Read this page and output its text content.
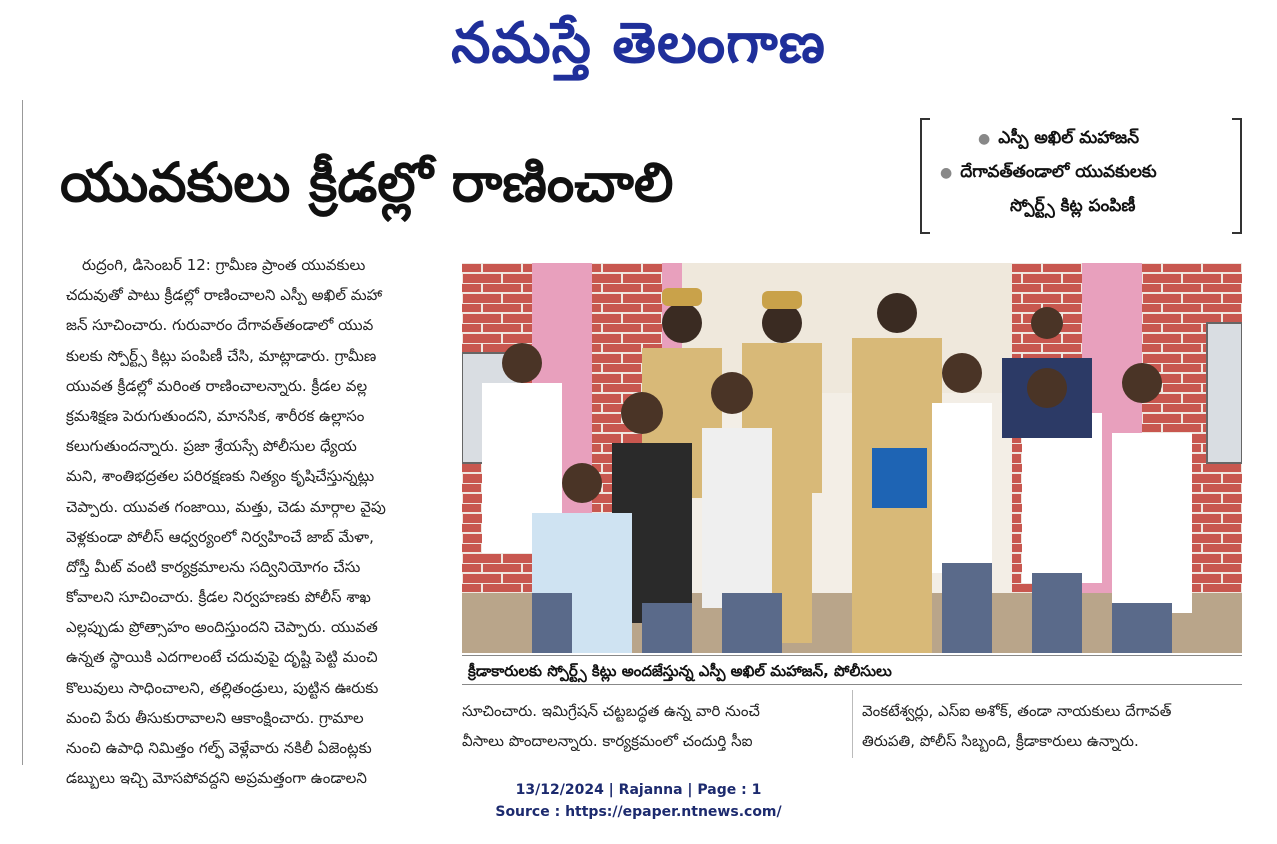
నమస్తే తెలంగాణ
యువకులు క్రీడల్లో రాణించాలి
● ఎస్పీ అఖిల్ మహాజన్
● దేగావత్‌తండాలో యువకులకు
స్పోర్ట్స్ కిట్ల పంపిణీ
రుద్రంగి, డిసెంబర్ 12: గ్రామీణ ప్రాంత యువకులు
చదువుతో పాటు క్రీడల్లో రాణించాలని ఎస్పీ అఖిల్ మహా
జన్ సూచించారు. గురువారం దేగావత్‌తండాలో యువ
కులకు స్పోర్ట్స్ కిట్లు పంపిణీ చేసి, మాట్లాడారు. గ్రామీణ
యువత క్రీడల్లో మరింత రాణించాలన్నారు. క్రీడల వల్ల
క్రమశిక్షణ పెరుగుతుందని, మానసిక, శారీరక ఉల్లాసం
కలుగుతుందన్నారు. ప్రజా శ్రేయస్సే పోలీసుల ధ్యేయ
మని, శాంతిభద్రతల పరిరక్షణకు నిత్యం కృషిచేస్తున్నట్లు
చెప్పారు. యువత గంజాయి, మత్తు, చెడు మార్గాల వైపు
వెళ్లకుండా పోలీస్ ఆధ్వర్యంలో నిర్వహించే జాబ్ మేళా,
దోస్తీ మీట్ వంటి కార్యక్రమాలను సద్వినియోగం చేసు
కోవాలని సూచించారు. క్రీడల నిర్వహణకు పోలీస్ శాఖ
ఎల్లప్పుడు ప్రోత్సాహం అందిస్తుందని చెప్పారు. యువత
ఉన్నత స్థాయికి ఎదగాలంటే చదువుపై దృష్టి పెట్టి మంచి
కొలువులు సాధించాలని, తల్లితండ్రులు, పుట్టిన ఊరుకు
మంచి పేరు తీసుకురావాలని ఆకాంక్షించారు. గ్రామాల
నుంచి ఉపాధి నిమిత్తం గల్ఫ్ వెళ్లేవారు నకిలీ ఏజెంట్లకు
డబ్బులు ఇచ్చి మోసపోవద్దని అప్రమత్తంగా ఉండాలని
క్రీడాకారులకు స్పోర్ట్స్ కిట్లు అందజేస్తున్న ఎస్పీ అఖిల్ మహాజన్, పోలీసులు
సూచించారు. ఇమిగ్రేషన్ చట్టబద్ధత ఉన్న వారి నుంచే
వీసాలు పొందాలన్నారు. కార్యక్రమంలో చందుర్తి సీఐ
వెంకటేశ్వర్లు, ఎస్ఐ అశోక్, తండా నాయకులు దేగావత్
తిరుపతి, పోలీస్ సిబ్బంది, క్రీడాకారులు ఉన్నారు.
13/12/2024 | Rajanna | Page : 1
Source : https://epaper.ntnews.com/
